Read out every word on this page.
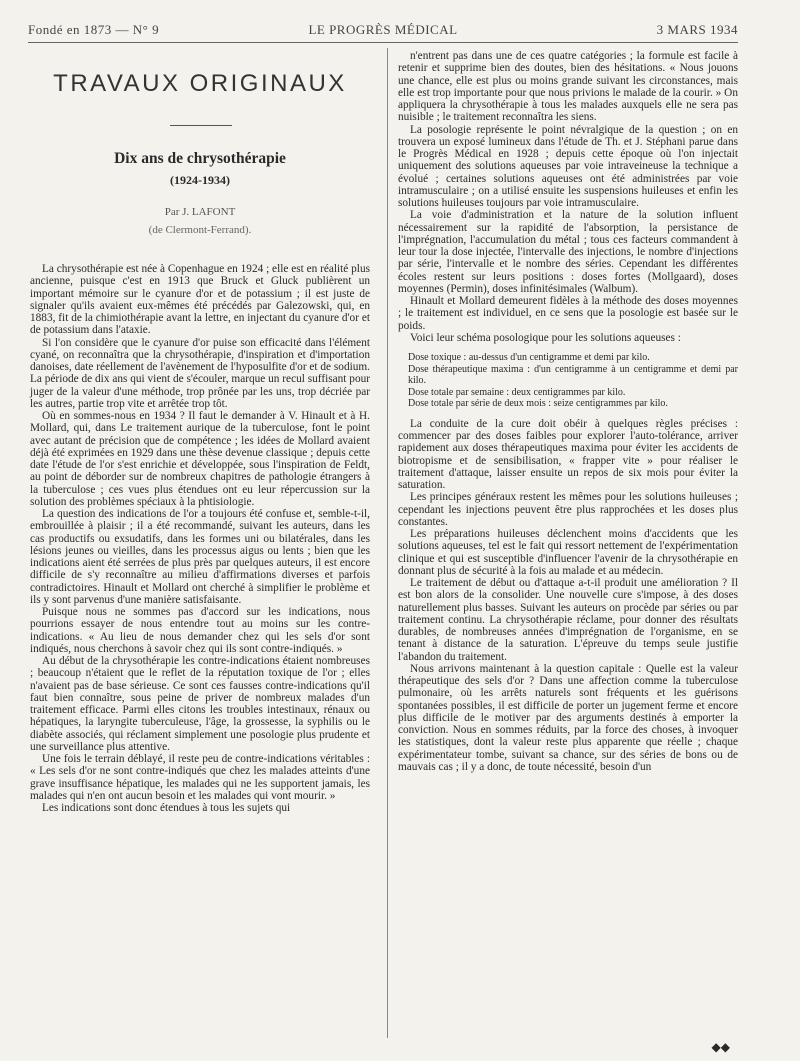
Fondé en 1873 — N° 9	LE PROGRÈS MÉDICAL	3 MARS 1934
TRAVAUX ORIGINAUX
Dix ans de chrysothérapie
(1924-1934)
Par J. LAFONT
(de Clermont-Ferrand).

La chrysothérapie est née à Copenhague en 1924 ; elle est en réalité plus ancienne, puisque c'est en 1913 que Bruck et Gluck publièrent un important mémoire sur le cyanure d'or et de potassium ; il est juste de signaler qu'ils avaient eux-mêmes été précédés par Galezowski, qui, en 1883, fit de la chimiothérapie avant la lettre, en injectant du cyanure d'or et de potassium dans l'ataxie.

Si l'on considère que le cyanure d'or puise son efficacité dans l'élément cyané, on reconnaîtra que la chrysothérapie, d'inspiration et d'importation danoises, date réellement de l'avènement de l'hyposulfite d'or et de sodium. La période de dix ans qui vient de s'écouler, marque un recul suffisant pour juger de la valeur d'une méthode, trop prônée par les uns, trop décriée par les autres, partie trop vite et arrêtée trop tôt.

Où en sommes-nous en 1934 ? Il faut le demander à V. Hinault et à H. Mollard, qui, dans Le traitement aurique de la tuberculose, font le point avec autant de précision que de compétence ; les idées de Mollard avaient déjà été exprimées en 1929 dans une thèse devenue classique ; depuis cette date l'étude de l'or s'est enrichie et développée, sous l'inspiration de Feldt, au point de déborder sur de nombreux chapitres de pathologie étrangers à la tuberculose ; ces vues plus étendues ont eu leur répercussion sur la solution des problèmes spéciaux à la phtisiologie.

La question des indications de l'or a toujours été confuse et, semble-t-il, embrouillée à plaisir ; il a été recommandé, suivant les auteurs, dans les cas productifs ou exsudatifs, dans les formes uni ou bilatérales, dans les lésions jeunes ou vieilles, dans les processus aigus ou lents ; bien que les indications aient été serrées de plus près par quelques auteurs, il est encore difficile de s'y reconnaître au milieu d'affirmations diverses et parfois contradictoires. Hinault et Mollard ont cherché à simplifier le problème et ils y sont parvenus d'une manière satisfaisante.

Puisque nous ne sommes pas d'accord sur les indications, nous pourrions essayer de nous entendre tout au moins sur les contre-indications. « Au lieu de nous demander chez qui les sels d'or sont indiqués, nous cherchons à savoir chez qui ils sont contre-indiqués. »

Au début de la chrysothérapie les contre-indications étaient nombreuses ; beaucoup n'étaient que le reflet de la réputation toxique de l'or ; elles n'avaient pas de base sérieuse. Ce sont ces fausses contre-indications qu'il faut bien connaître, sous peine de priver de nombreux malades d'un traitement efficace. Parmi elles citons les troubles intestinaux, rénaux ou hépatiques, la laryngite tuberculeuse, l'âge, la grossesse, la syphilis ou le diabète associés, qui réclament simplement une posologie plus prudente et une surveillance plus attentive.

Une fois le terrain déblayé, il reste peu de contre-indications véritables : « Les sels d'or ne sont contre-indiqués que chez les malades atteints d'une grave insuffisance hépatique, les malades qui ne les supportent jamais, les malades qui n'en ont aucun besoin et les malades qui vont mourir. »

Les indications sont donc étendues à tous les sujets qui

n'entrent pas dans une de ces quatre catégories ; la formule est facile à retenir et supprime bien des doutes, bien des hésitations. « Nous jouons une chance, elle est plus ou moins grande suivant les circonstances, mais elle est trop importante pour que nous privions le malade de la courir. » On appliquera la chrysothérapie à tous les malades auxquels elle ne sera pas nuisible ; le traitement reconnaîtra les siens.

La posologie représente le point névralgique de la question ; on en trouvera un exposé lumineux dans l'étude de Th. et J. Stéphani parue dans le Progrès Médical en 1928 ; depuis cette époque où l'on injectait uniquement des solutions aqueuses par voie intraveineuse la technique a évolué ; certaines solutions aqueuses ont été administrées par voie intramusculaire ; on a utilisé ensuite les suspensions huileuses et enfin les solutions huileuses toujours par voie intramusculaire.

La voie d'administration et la nature de la solution influent nécessairement sur la rapidité de l'absorption, la persistance de l'imprégnation, l'accumulation du métal ; tous ces facteurs commandent à leur tour la dose injectée, l'intervalle des injections, le nombre d'injections par série, l'intervalle et le nombre des séries. Cependant les différentes écoles restent sur leurs positions : doses fortes (Mollgaard), doses moyennes (Permin), doses infinitésimales (Walbum).

Hinault et Mollard demeurent fidèles à la méthode des doses moyennes ; le traitement est individuel, en ce sens que la posologie est basée sur le poids.

Voici leur schéma posologique pour les solutions aqueuses :

Dose toxique : au-dessus d'un centigramme et demi par kilo.

Dose thérapeutique maxima : d'un centigramme à un centigramme et demi par kilo.

Dose totale par semaine : deux centigrammes par kilo.

Dose totale par série de deux mois : seize centigrammes par kilo.

La conduite de la cure doit obéir à quelques règles précises : commencer par des doses faibles pour explorer l'auto-tolérance, arriver rapidement aux doses thérapeutiques maxima pour éviter les accidents de biotropisme et de sensibilisation, « frapper vite » pour réaliser le traitement d'attaque, laisser ensuite un repos de six mois pour éviter la saturation.

Les principes généraux restent les mêmes pour les solutions huileuses ; cependant les injections peuvent être plus rapprochées et les doses plus constantes.

Les préparations huileuses déclenchent moins d'accidents que les solutions aqueuses, tel est le fait qui ressort nettement de l'expérimentation clinique et qui est susceptible d'influencer l'avenir de la chrysothérapie en donnant plus de sécurité à la fois au malade et au médecin.

Le traitement de début ou d'attaque a-t-il produit une amélioration ? Il est bon alors de la consolider. Une nouvelle cure s'impose, à des doses naturellement plus basses. Suivant les auteurs on procède par séries ou par traitement continu. La chrysothérapie réclame, pour donner des résultats durables, de nombreuses années d'imprégnation de l'organisme, en se tenant à distance de la saturation. L'épreuve du temps seule justifie l'abandon du traitement.

Nous arrivons maintenant à la question capitale : Quelle est la valeur thérapeutique des sels d'or ? Dans une affection comme la tuberculose pulmonaire, où les arrêts naturels sont fréquents et les guérisons spontanées possibles, il est difficile de porter un jugement ferme et encore plus difficile de le motiver par des arguments destinés à emporter la conviction. Nous en sommes réduits, par la force des choses, à invoquer les statistiques, dont la valeur reste plus apparente que réelle ; chaque expérimentateur tombe, suivant sa chance, sur des séries de bons ou de mauvais cas ; il y a donc, de toute nécessité, besoin d'un

◆◆
